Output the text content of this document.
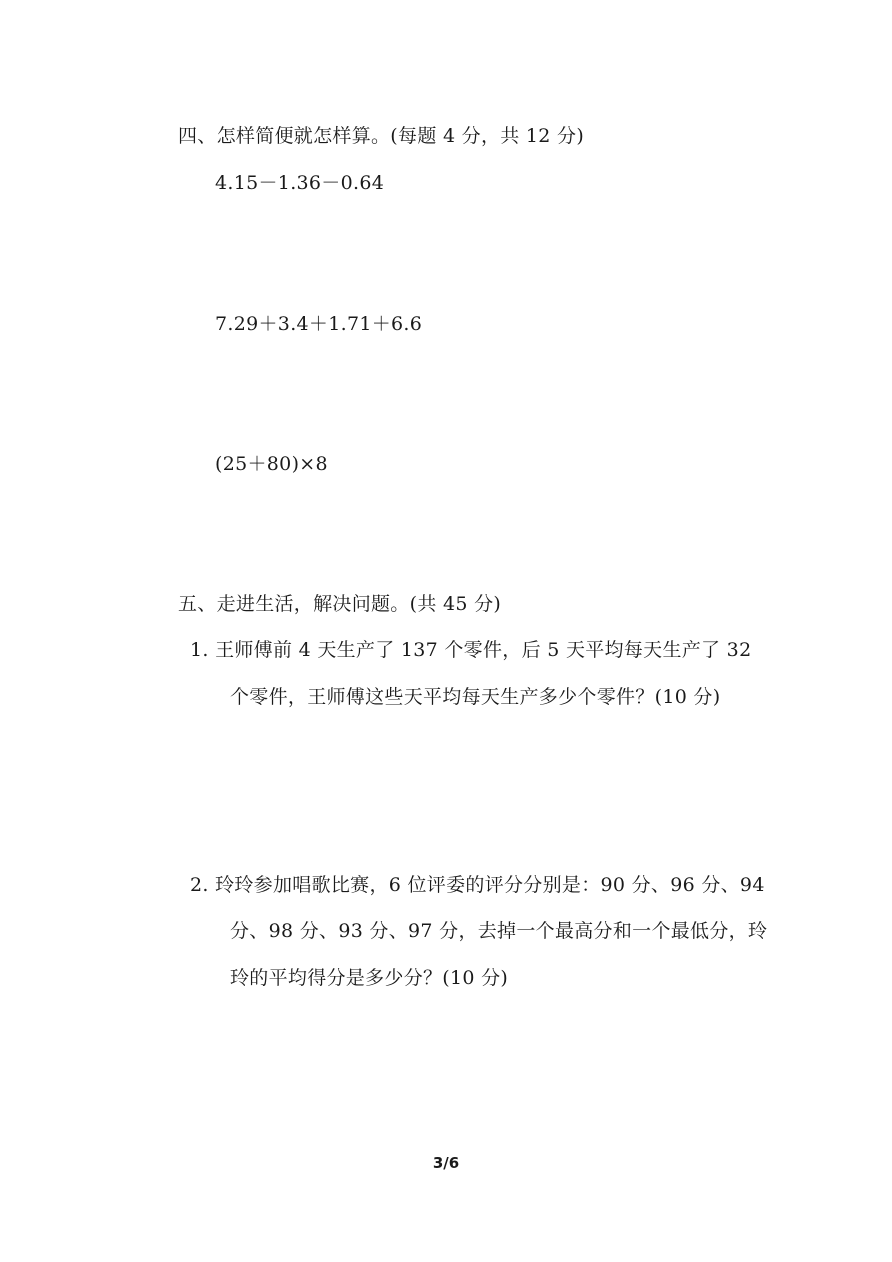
四、怎样简便就怎样算。(每题 4 分，共 12 分)
4.15－1.36－0.64
7.29＋3.4＋1.71＋6.6
(25＋80)×8
五、走进生活，解决问题。(共 45 分)
1. 王师傅前 4 天生产了 137 个零件，后 5 天平均每天生产了 32
个零件，王师傅这些天平均每天生产多少个零件？(10 分)
2. 玲玲参加唱歌比赛，6 位评委的评分分别是：90 分、96 分、94
分、98 分、93 分、97 分，去掉一个最高分和一个最低分，玲
玲的平均得分是多少分？(10 分)
3/6
